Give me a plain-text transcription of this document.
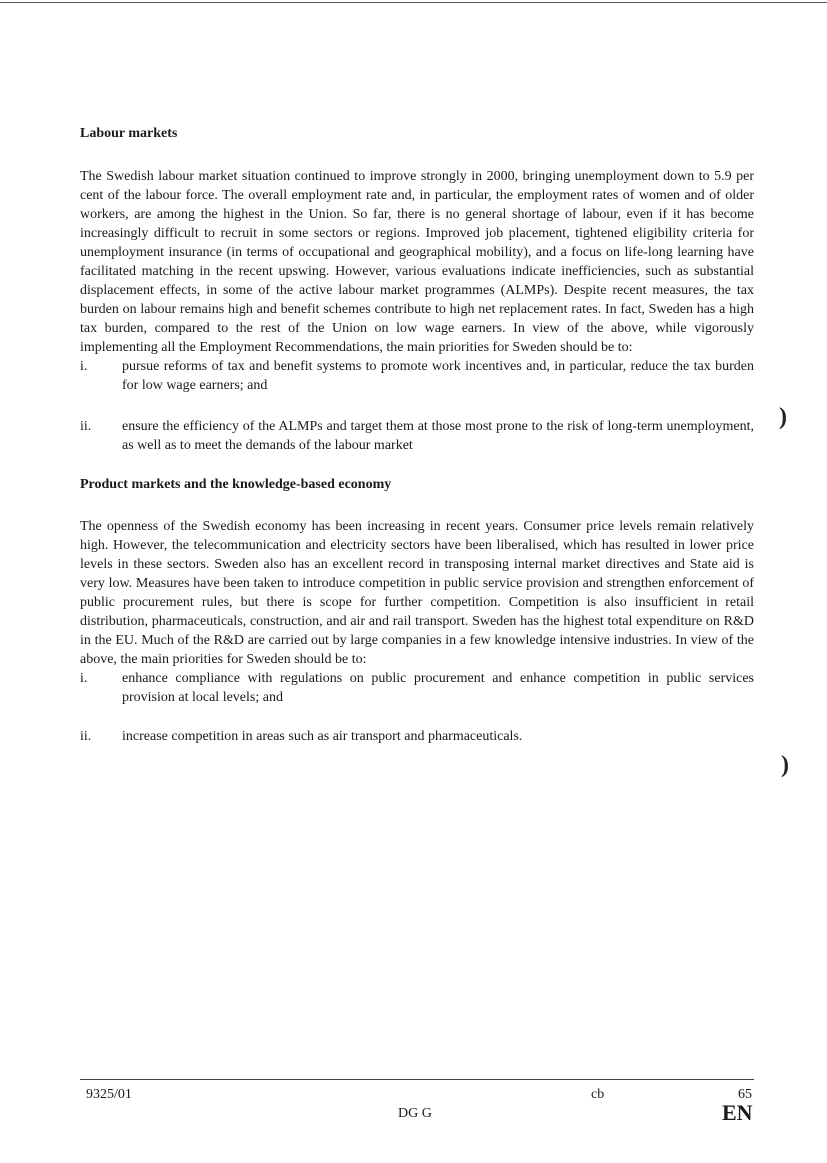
Labour markets

The Swedish labour market situation continued to improve strongly in 2000, bringing unemployment down to 5.9 per cent of the labour force. The overall employment rate and, in particular, the employment rates of women and of older workers, are among the highest in the Union. So far, there is no general shortage of labour, even if it has become increasingly difficult to recruit in some sectors or regions. Improved job placement, tightened eligibility criteria for unemployment insurance (in terms of occupational and geographical mobility), and a focus on life-long learning have facilitated matching in the recent upswing. However, various evaluations indicate inefficiencies, such as substantial displacement effects, in some of the active labour market programmes (ALMPs). Despite recent measures, the tax burden on labour remains high and benefit schemes contribute to high net replacement rates. In fact, Sweden has a high tax burden, compared to the rest of the Union on low wage earners. In view of the above, while vigorously implementing all the Employment Recommendations, the main priorities for Sweden should be to:

i.	pursue reforms of tax and benefit systems to promote work incentives and, in particular, reduce the tax burden for low wage earners; and
ii.	ensure the efficiency of the ALMPs and target them at those most prone to the risk of long-term unemployment, as well as to meet the demands of the labour market
Product markets and the knowledge-based economy

The openness of the Swedish economy has been increasing in recent years. Consumer price levels remain relatively high. However, the telecommunication and electricity sectors have been liberalised, which has resulted in lower price levels in these sectors. Sweden also has an excellent record in transposing internal market directives and State aid is very low. Measures have been taken to introduce competition in public service provision and strengthen enforcement of public procurement rules, but there is scope for further competition. Competition is also insufficient in retail distribution, pharmaceuticals, construction, and air and rail transport. Sweden has the highest total expenditure on R&D in the EU. Much of the R&D are carried out by large companies in a few knowledge intensive industries. In view of the above, the main priorities for Sweden should be to:

i.	enhance compliance with regulations on public procurement and enhance competition in public services provision at local levels; and
ii.	increase competition in areas such as air transport and pharmaceuticals.
)
)
9325/01	cb	65
DG G	EN
